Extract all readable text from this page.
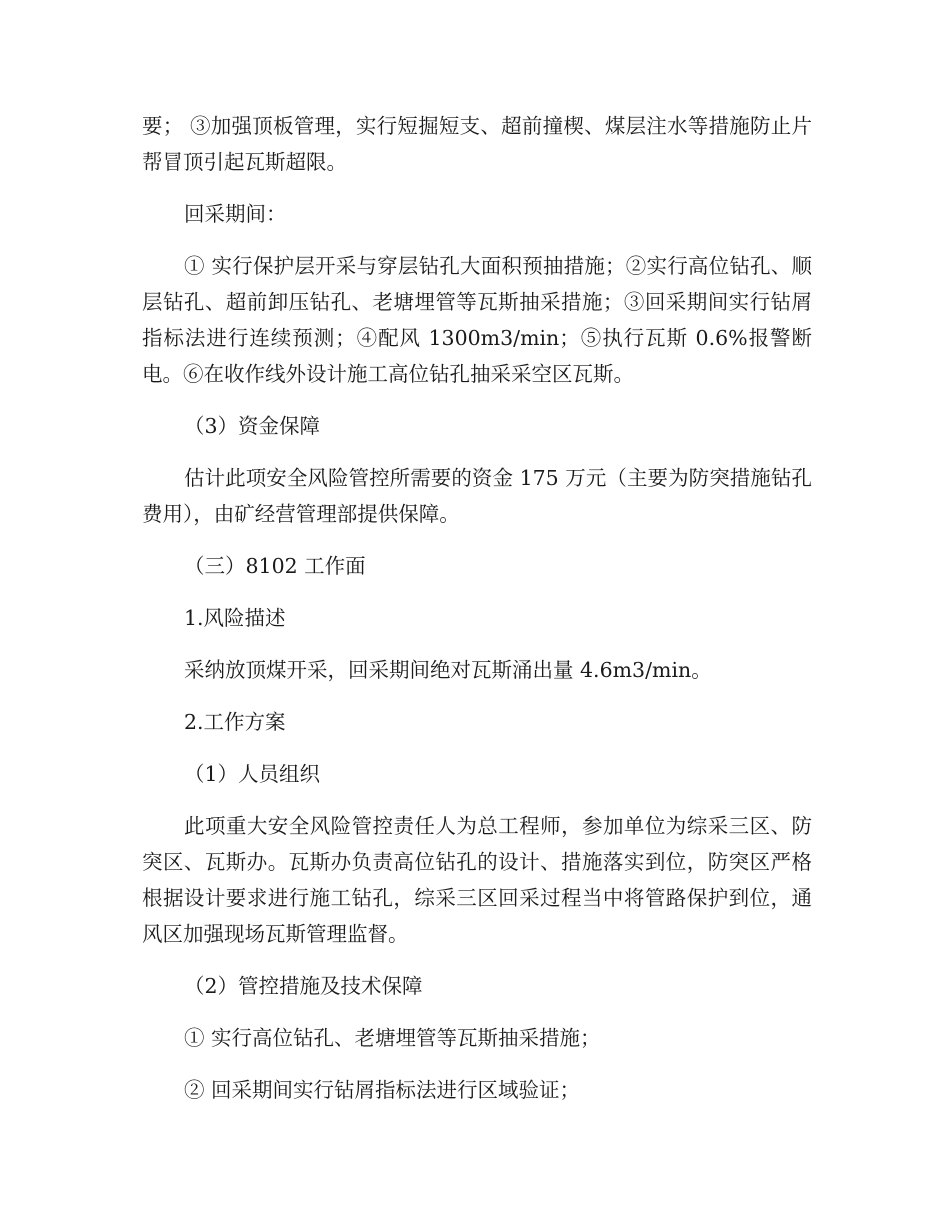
要； ③加强顶板管理，实行短掘短支、超前撞楔、煤层注水等措施防止片帮冒顶引起瓦斯超限。

回采期间：

① 实行保护层开采与穿层钻孔大面积预抽措施；②实行高位钻孔、顺层钻孔、超前卸压钻孔、老塘埋管等瓦斯抽采措施；③回采期间实行钻屑指标法进行连续预测；④配风 1300m3/min；⑤执行瓦斯 0.6%报警断电。⑥在收作线外设计施工高位钻孔抽采采空区瓦斯。

（3）资金保障

估计此项安全风险管控所需要的资金 175 万元（主要为防突措施钻孔费用），由矿经营管理部提供保障。

（三）8102 工作面

1.风险描述

采纳放顶煤开采，回采期间绝对瓦斯涌出量 4.6m3/min。

2.工作方案

（1）人员组织

此项重大安全风险管控责任人为总工程师，参加单位为综采三区、防突区、瓦斯办。瓦斯办负责高位钻孔的设计、措施落实到位，防突区严格根据设计要求进行施工钻孔，综采三区回采过程当中将管路保护到位，通风区加强现场瓦斯管理监督。

（2）管控措施及技术保障

① 实行高位钻孔、老塘埋管等瓦斯抽采措施；

② 回采期间实行钻屑指标法进行区域验证；
